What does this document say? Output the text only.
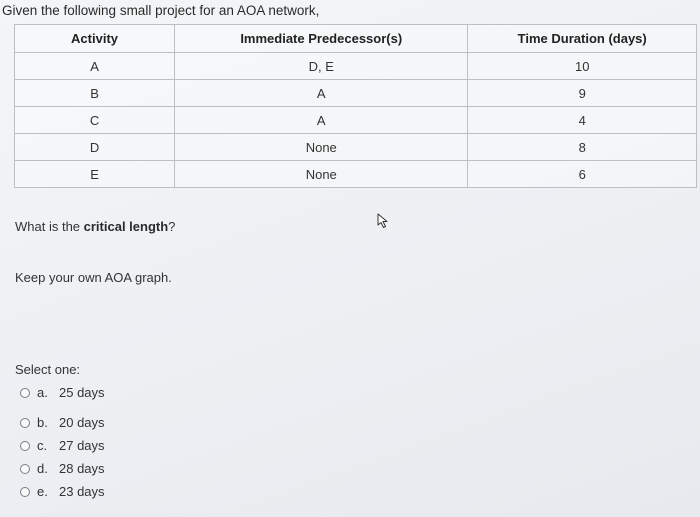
Given the following small project for an AOA network,
Activity	Immediate Predecessor(s)	Time Duration (days)
A	D, E	10
B	A	9
C	A	4
D	None	8
E	None	6
What is the critical length?
Keep your own AOA graph.
Select one:
a. 25 days
b. 20 days
c. 27 days
d. 28 days
e. 23 days
